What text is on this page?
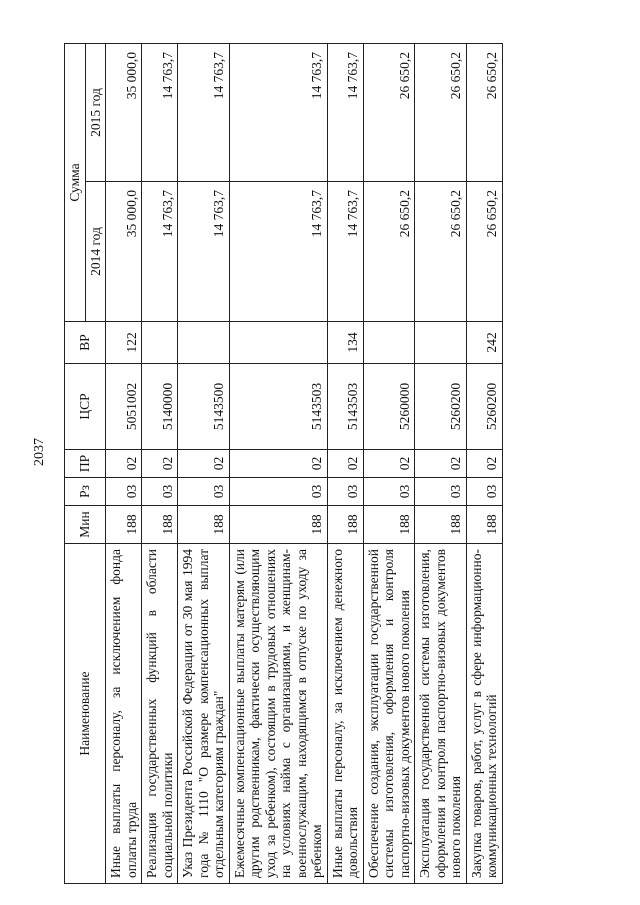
2037
Наименование	Мин	Рз	ПР	ЦСР	ВР	Сумма	
						2014 год	2015 год
Иные выплаты персоналу, за исключением фонда оплаты труда	188	03	02	5051002	122	35 000,0	35 000,0
Реализация государственных функций в области социальной политики	188	03	02	5140000		14 763,7	14 763,7
Указ Президента Российской Федерации от 30 мая 1994 года № 1110 "О размере компенсационных выплат отдельным категориям граждан"	188	03	02	5143500		14 763,7	14 763,7
Ежемесячные компенсационные выплаты матерям (или другим родственникам, фактически осуществляющим уход за ребенком), состоящим в трудовых отношениях на условиях найма с организациями, и женщинам-военнослужащим, находящимся в отпуске по уходу за ребенком	188	03	02	5143503		14 763,7	14 763,7
Иные выплаты персоналу, за исключением денежного довольствия	188	03	02	5143503	134	14 763,7	14 763,7
Обеспечение создания, эксплуатации государственной системы изготовления, оформления и контроля паспортно-визовых документов нового поколения	188	03	02	5260000		26 650,2	26 650,2
Эксплуатация государственной системы изготовления, оформления и контроля паспортно-визовых документов нового поколения	188	03	02	5260200		26 650,2	26 650,2
Закупка товаров, работ, услуг в сфере информационно-коммуникационных технологий	188	03	02	5260200	242	26 650,2	26 650,2
